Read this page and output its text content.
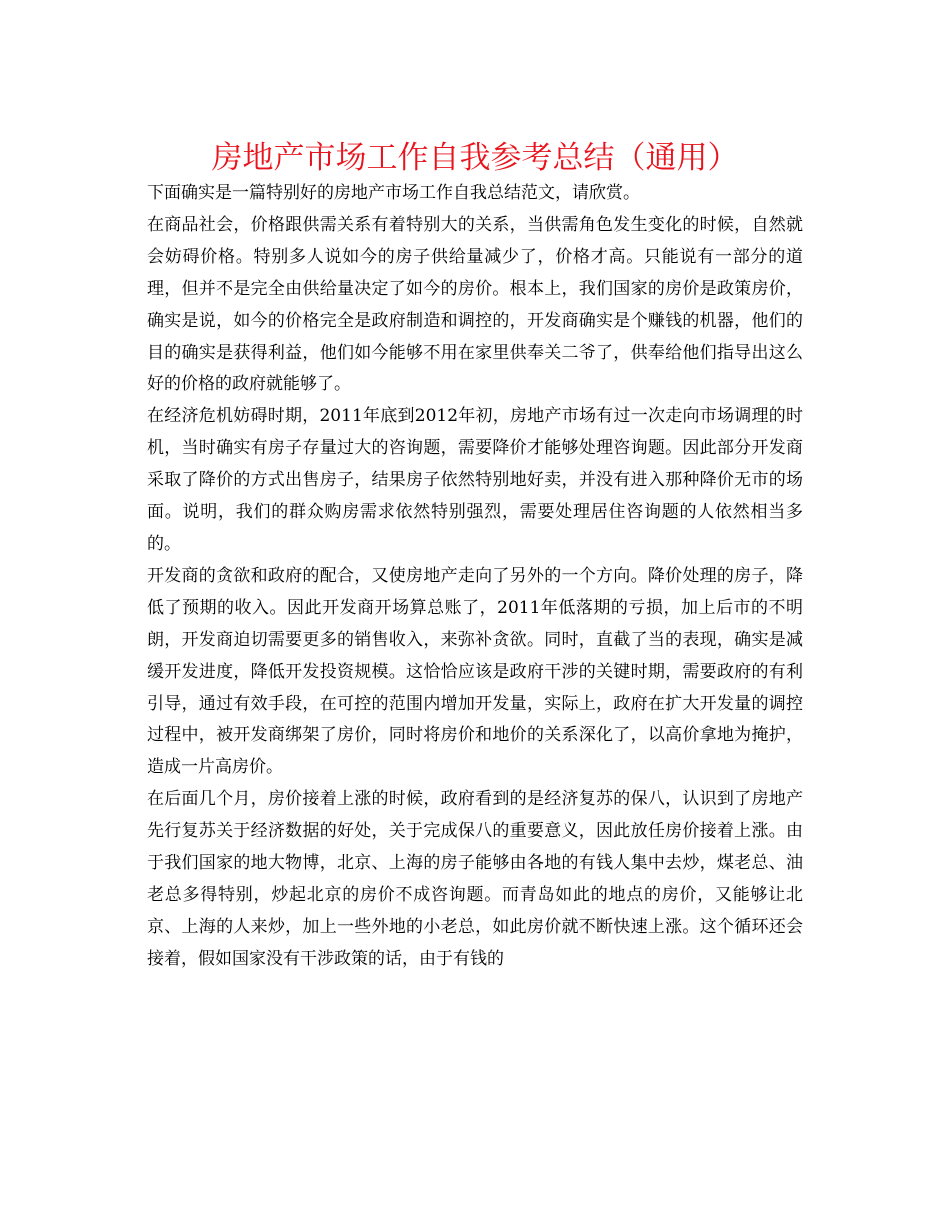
房地产市场工作自我参考总结（通用）

下面确实是一篇特别好的房地产市场工作自我总结范文，请欣赏。

在商品社会，价格跟供需关系有着特别大的关系，当供需角色发生变化的时候，自然就会妨碍价格。特别多人说如今的房子供给量减少了，价格才高。只能说有一部分的道理，但并不是完全由供给量决定了如今的房价。根本上，我们国家的房价是政策房价，确实是说，如今的价格完全是政府制造和调控的，开发商确实是个赚钱的机器，他们的目的确实是获得利益，他们如今能够不用在家里供奉关二爷了，供奉给他们指导出这么好的价格的政府就能够了。

在经济危机妨碍时期，2011年底到2012年初，房地产市场有过一次走向市场调理的时机，当时确实有房子存量过大的咨询题，需要降价才能够处理咨询题。因此部分开发商采取了降价的方式出售房子，结果房子依然特别地好卖，并没有进入那种降价无市的场面。说明，我们的群众购房需求依然特别强烈，需要处理居住咨询题的人依然相当多的。

开发商的贪欲和政府的配合，又使房地产走向了另外的一个方向。降价处理的房子，降低了预期的收入。因此开发商开场算总账了，2011年低落期的亏损，加上后市的不明朗，开发商迫切需要更多的销售收入，来弥补贪欲。同时，直截了当的表现，确实是减缓开发进度，降低开发投资规模。这恰恰应该是政府干涉的关键时期，需要政府的有利引导，通过有效手段，在可控的范围内增加开发量，实际上，政府在扩大开发量的调控过程中，被开发商绑架了房价，同时将房价和地价的关系深化了，以高价拿地为掩护，造成一片高房价。

在后面几个月，房价接着上涨的时候，政府看到的是经济复苏的保八，认识到了房地产先行复苏关于经济数据的好处，关于完成保八的重要意义，因此放任房价接着上涨。由于我们国家的地大物博，北京、上海的房子能够由各地的有钱人集中去炒，煤老总、油老总多得特别，炒起北京的房价不成咨询题。而青岛如此的地点的房价，又能够让北京、上海的人来炒，加上一些外地的小老总，如此房价就不断快速上涨。这个循环还会接着，假如国家没有干涉政策的话，由于有钱的
